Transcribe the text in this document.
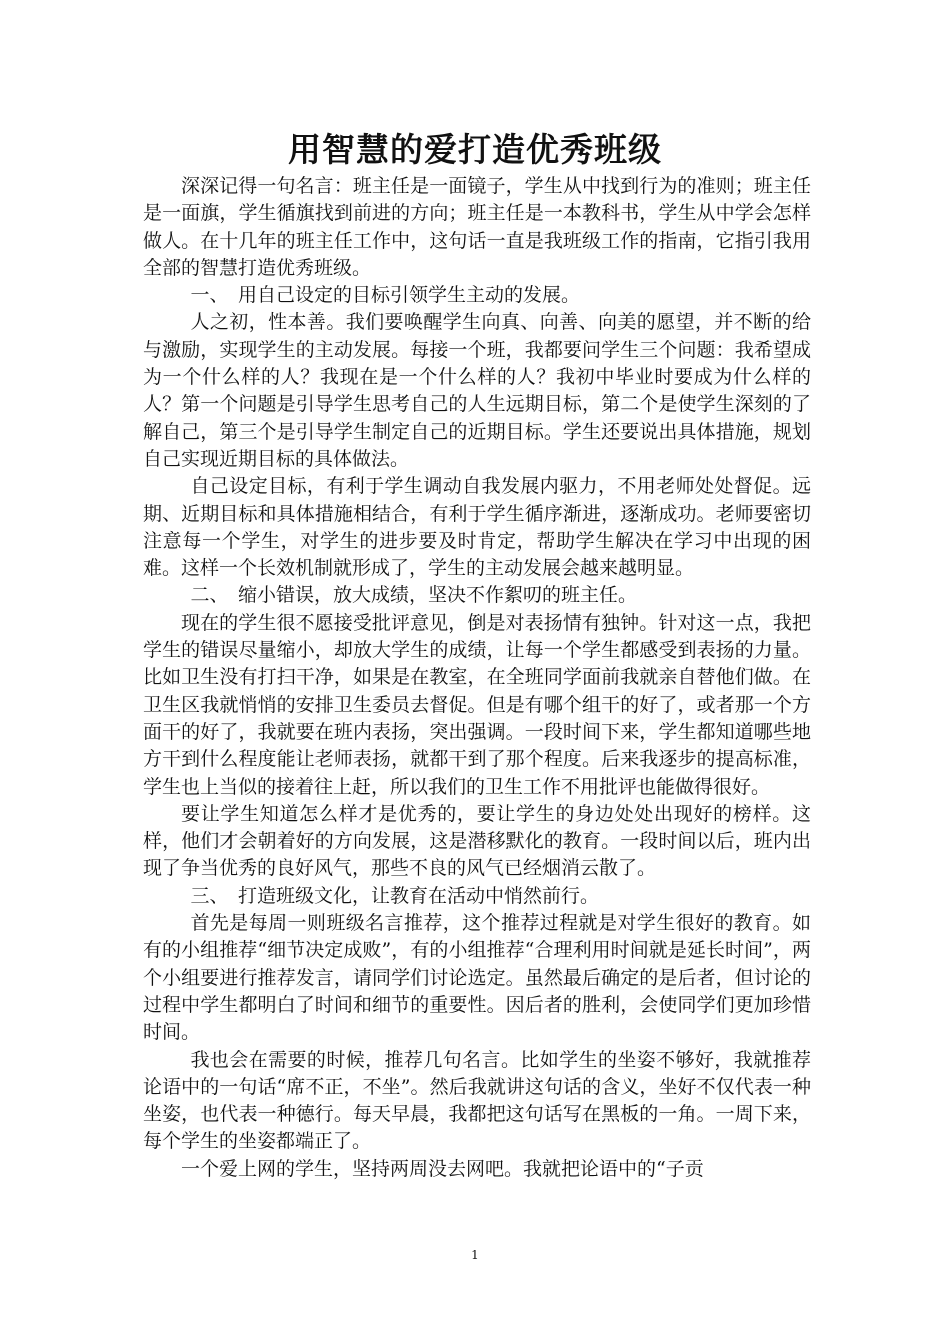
用智慧的爱打造优秀班级

深深记得一句名言：班主任是一面镜子，学生从中找到行为的准则；班主任是一面旗，学生循旗找到前进的方向；班主任是一本教科书，学生从中学会怎样做人。在十几年的班主任工作中，这句话一直是我班级工作的指南，它指引我用全部的智慧打造优秀班级。

一、　用自己设定的目标引领学生主动的发展。

人之初，性本善。我们要唤醒学生向真、向善、向美的愿望，并不断的给与激励，实现学生的主动发展。每接一个班，我都要问学生三个问题：我希望成为一个什么样的人？我现在是一个什么样的人？我初中毕业时要成为什么样的人？第一个问题是引导学生思考自己的人生远期目标，第二个是使学生深刻的了解自己，第三个是引导学生制定自己的近期目标。学生还要说出具体措施，规划自己实现近期目标的具体做法。

自己设定目标，有利于学生调动自我发展内驱力，不用老师处处督促。远期、近期目标和具体措施相结合，有利于学生循序渐进，逐渐成功。老师要密切注意每一个学生，对学生的进步要及时肯定，帮助学生解决在学习中出现的困难。这样一个长效机制就形成了，学生的主动发展会越来越明显。

二、　缩小错误，放大成绩，坚决不作絮叨的班主任。

现在的学生很不愿接受批评意见，倒是对表扬情有独钟。针对这一点，我把学生的错误尽量缩小，却放大学生的成绩，让每一个学生都感受到表扬的力量。比如卫生没有打扫干净，如果是在教室，在全班同学面前我就亲自替他们做。在卫生区我就悄悄的安排卫生委员去督促。但是有哪个组干的好了，或者那一个方面干的好了，我就要在班内表扬，突出强调。一段时间下来，学生都知道哪些地方干到什么程度能让老师表扬，就都干到了那个程度。后来我逐步的提高标准，学生也上当似的接着往上赶，所以我们的卫生工作不用批评也能做得很好。

要让学生知道怎么样才是优秀的，要让学生的身边处处出现好的榜样。这样，他们才会朝着好的方向发展，这是潜移默化的教育。一段时间以后，班内出现了争当优秀的良好风气，那些不良的风气已经烟消云散了。

三、　打造班级文化，让教育在活动中悄然前行。

首先是每周一则班级名言推荐，这个推荐过程就是对学生很好的教育。如有的小组推荐“细节决定成败”，有的小组推荐“合理利用时间就是延长时间”，两个小组要进行推荐发言，请同学们讨论选定。虽然最后确定的是后者，但讨论的过程中学生都明白了时间和细节的重要性。因后者的胜利，会使同学们更加珍惜时间。

我也会在需要的时候，推荐几句名言。比如学生的坐姿不够好，我就推荐论语中的一句话“席不正，不坐”。然后我就讲这句话的含义，坐好不仅代表一种坐姿，也代表一种德行。每天早晨，我都把这句话写在黑板的一角。一周下来，每个学生的坐姿都端正了。

一个爱上网的学生，坚持两周没去网吧。我就把论语中的“子贡

1
